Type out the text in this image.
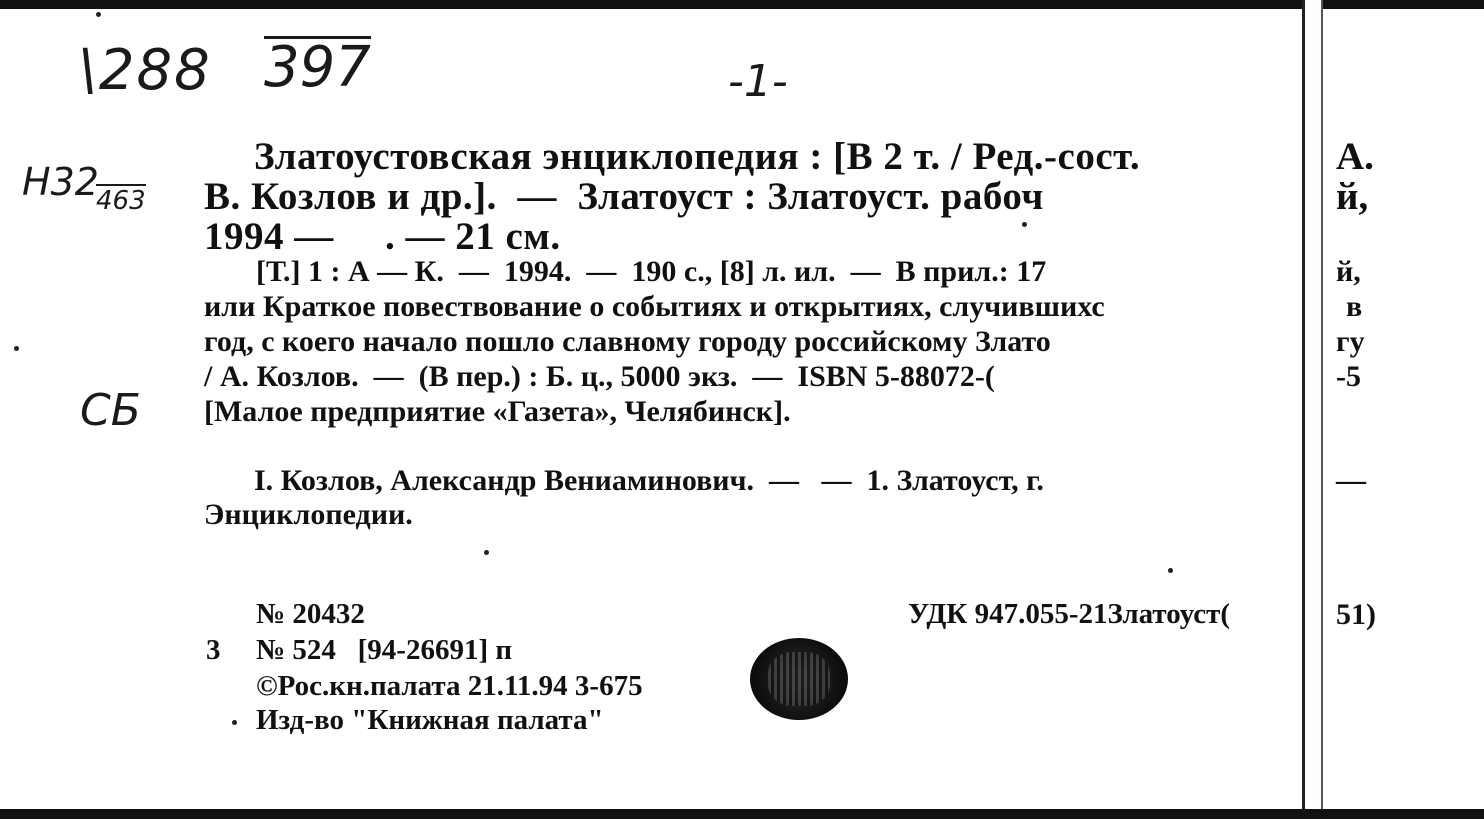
\288 397	-1-
Н32
463
СБ
Златоустовская энциклопедия : [В 2 т. / Ред.-сост.
В. Козлов и др.].  —  Златоуст : Златоуст. рабоч
1994 —     . — 21 см.
[Т.] 1 : А — К.  —  1994.  —  190 с., [8] л. ил.  —  В прил.: 17
или Краткое повествование о событиях и открытиях, случившихс
год, с коего начало пошло славному городу российскому Злато
/ А. Козлов.  —  (В пер.) : Б. ц., 5000 экз.  —  ISBN 5-88072-(
[Малое предприятие «Газета», Челябинск].
I. Козлов, Александр Вениаминович.  —   —  1. Златоуст, г.
Энциклопедии.
А.
й,
й,
в
гу
-5
—
51)
№ 20432	УДК 947.055-21Златоуст(
3 № 524   [94-26691] п
©Рос.кн.палата 21.11.94 3-675
Изд-во "Книжная палата"
